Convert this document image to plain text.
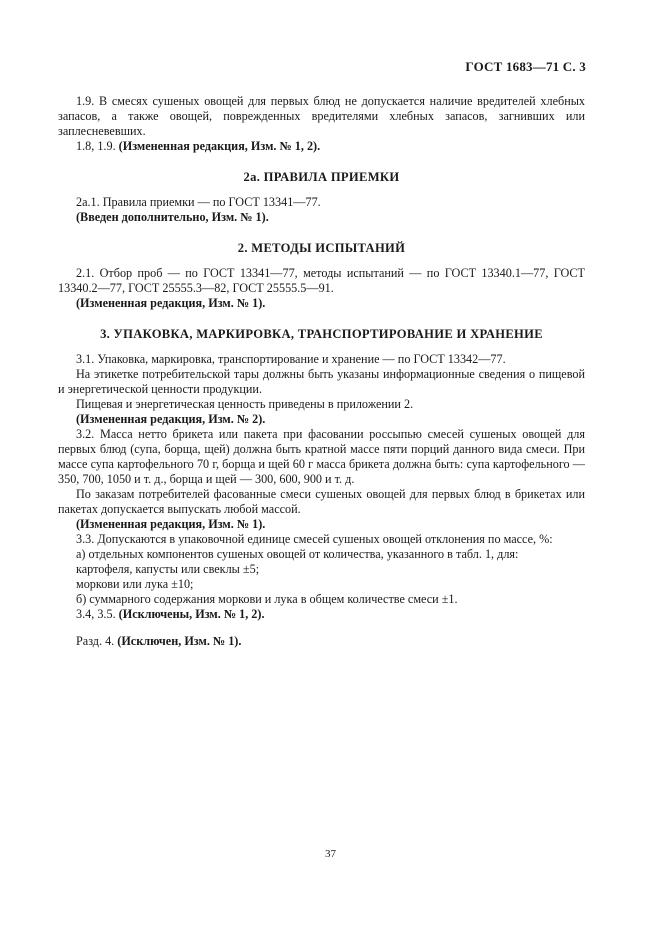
ГОСТ 1683—71 С. 3

1.9. В смесях сушеных овощей для первых блюд не допускается наличие вредителей хлебных запасов, а также овощей, поврежденных вредителями хлебных запасов, загнивших или заплесневевших.

1.8, 1.9. (Измененная редакция, Изм. № 1, 2).

2а. ПРАВИЛА ПРИЕМКИ

2а.1. Правила приемки — по ГОСТ 13341—77.

(Введен дополнительно, Изм. № 1).

2. МЕТОДЫ ИСПЫТАНИЙ

2.1. Отбор проб — по ГОСТ 13341—77, методы испытаний — по ГОСТ 13340.1—77, ГОСТ 13340.2—77, ГОСТ 25555.3—82, ГОСТ 25555.5—91.

(Измененная редакция, Изм. № 1).

3. УПАКОВКА, МАРКИРОВКА, ТРАНСПОРТИРОВАНИЕ И ХРАНЕНИЕ

3.1. Упаковка, маркировка, транспортирование и хранение — по ГОСТ 13342—77.

На этикетке потребительской тары должны быть указаны информационные сведения о пищевой и энергетической ценности продукции.

Пищевая и энергетическая ценность приведены в приложении 2.

(Измененная редакция, Изм. № 2).

3.2. Масса нетто брикета или пакета при фасовании россыпью смесей сушеных овощей для первых блюд (супа, борща, щей) должна быть кратной массе пяти порций данного вида смеси. При массе супа картофельного 70 г, борща и щей 60 г масса брикета должна быть: супа картофельного — 350, 700, 1050 и т. д., борща и щей — 300, 600, 900 и т. д.

По заказам потребителей фасованные смеси сушеных овощей для первых блюд в брикетах или пакетах допускается выпускать любой массой.

(Измененная редакция, Изм. № 1).

3.3. Допускаются в упаковочной единице смесей сушеных овощей отклонения по массе, %:

а) отдельных компонентов сушеных овощей от количества, указанного в табл. 1, для:

картофеля, капусты или свеклы ±5;

моркови или лука ±10;

б) суммарного содержания моркови и лука в общем количестве смеси ±1.

3.4, 3.5. (Исключены, Изм. № 1, 2).

Разд. 4. (Исключен, Изм. № 1).

37
